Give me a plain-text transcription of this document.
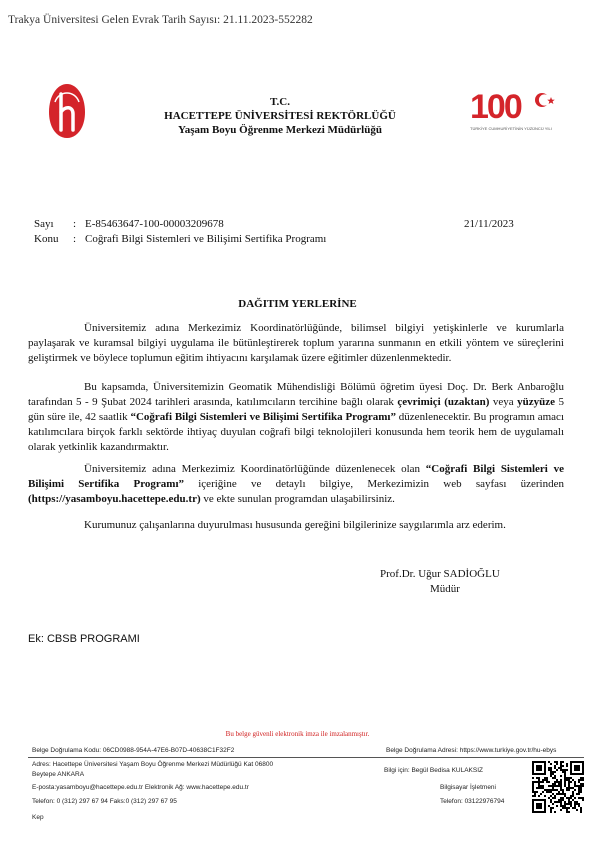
Trakya Üniversitesi Gelen Evrak Tarih Sayısı: 21.11.2023-552282
T.C.
HACETTEPE ÜNİVERSİTESİ REKTÖRLÜĞÜ
Yaşam Boyu Öğrenme Merkezi Müdürlüğü
100
TÜRKİYE CUMHURİYETİNİN YÜZÜNCÜ YILI
Sayı : E-85463647-100-00003209678	21/11/2023
Konu : Coğrafi Bilgi Sistemleri ve Bilişimi Sertifika Programı
DAĞITIM YERLERİNE
Üniversitemiz adına Merkezimiz Koordinatörlüğünde, bilimsel bilgiyi yetişkinlerle ve kurumlarla paylaşarak ve kuramsal bilgiyi uygulama ile bütünleştirerek toplum yararına sunmanın en etkili yöntem ve süreçlerini geliştirmek ve böylece toplumun eğitim ihtiyacını karşılamak üzere eğitimler düzenlenmektedir.
Bu kapsamda, Üniversitemizin Geomatik Mühendisliği Bölümü öğretim üyesi Doç. Dr. Berk Anbaroğlu tarafından 5 - 9 Şubat 2024 tarihleri arasında, katılımcıların tercihine bağlı olarak çevrimiçi (uzaktan) veya yüzyüze 5 gün süre ile, 42 saatlik “Coğrafi Bilgi Sistemleri ve Bilişimi Sertifika Programı” düzenlenecektir. Bu programın amacı katılımcılara birçok farklı sektörde ihtiyaç duyulan coğrafi bilgi teknolojileri konusunda hem teorik hem de uygulamalı olarak yetkinlik kazandırmaktır.
Üniversitemiz adına Merkezimiz Koordinatörlüğünde düzenlenecek olan “Coğrafi Bilgi Sistemleri ve Bilişimi Sertifika Programı” içeriğine ve detaylı bilgiye, Merkezimizin web sayfası üzerinden (https://yasamboyu.hacettepe.edu.tr) ve ekte sunulan programdan ulaşabilirsiniz.
Kurumunuz çalışanlarına duyurulması hususunda gereğini bilgilerinize saygılarımla arz ederim.
Prof.Dr. Uğur SADİOĞLU
Müdür
Ek: CBSB PROGRAMI
Bu belge güvenli elektronik imza ile imzalanmıştır.
Belge Doğrulama Kodu: 06CD0988-954A-47E6-B07D-40638C1F32F2	Belge Doğrulama Adresi: https://www.turkiye.gov.tr/hu-ebys
Adres: Hacettepe Üniversitesi Yaşam Boyu Öğrenme Merkezi Müdürlüğü Kat 06800
Beytepe ANKARA
E-posta:yasamboyu@hacettepe.edu.tr Elektronik Ağ: www.hacettepe.edu.tr
Telefon: 0 (312) 297 67 94 Faks:0 (312) 297 67 95
Kep
Bilgi için: Begül Bedisa KULAKSIZ
Bilgisayar İşletmeni
Telefon: 03122976794
